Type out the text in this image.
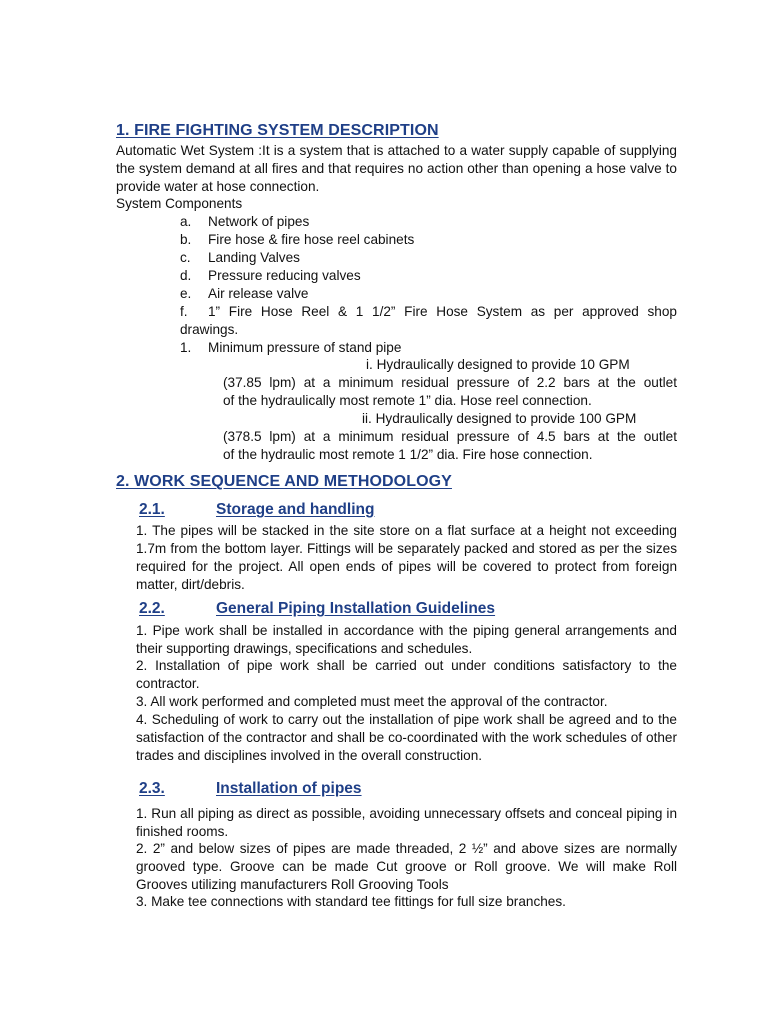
1. FIRE FIGHTING SYSTEM DESCRIPTION
Automatic Wet System :It is a system that is attached to a water supply capable of supplying the system demand at all fires and that requires no action other than opening a hose valve to provide water at hose connection.
System Components
a. Network of pipes
b. Fire hose & fire hose reel cabinets
c. Landing Valves
d. Pressure reducing valves
e. Air release valve
f.	1” Fire Hose Reel & 1 1/2” Fire Hose System as per approved shop
drawings.
1. Minimum pressure of stand pipe
i. Hydraulically designed to provide 10 GPM
(37.85 lpm) at a minimum residual pressure of 2.2 bars at the outlet
of the hydraulically most remote 1” dia. Hose reel connection.
ii. Hydraulically designed to provide 100 GPM
(378.5 lpm) at a minimum residual pressure of 4.5 bars at the outlet
of the hydraulic most remote 1 1/2” dia. Fire hose connection.
2. WORK SEQUENCE AND METHODOLOGY
2.1.	Storage and handling
1. The pipes will be stacked in the site store on a flat surface at a height not exceeding 1.7m from the bottom layer. Fittings will be separately packed and stored as per the sizes required for the project. All open ends of pipes will be covered to protect from foreign matter, dirt/debris.
2.2.	General Piping Installation Guidelines
1. Pipe work shall be installed in accordance with the piping general arrangements and their supporting drawings, specifications and schedules.
2. Installation of pipe work shall be carried out under conditions satisfactory to the contractor.
3. All work performed and completed must meet the approval of the contractor.
4. Scheduling of work to carry out the installation of pipe work shall be agreed and to the satisfaction of the contractor and shall be co-coordinated with the work schedules of other trades and disciplines involved in the overall construction.
2.3.	Installation of pipes
1. Run all piping as direct as possible, avoiding unnecessary offsets and conceal piping in finished rooms.
2. 2” and below sizes of pipes are made threaded, 2 ½” and above sizes are normally grooved type. Groove can be made Cut groove or Roll groove. We will make Roll Grooves utilizing manufacturers Roll Grooving Tools
3. Make tee connections with standard tee fittings for full size branches.
